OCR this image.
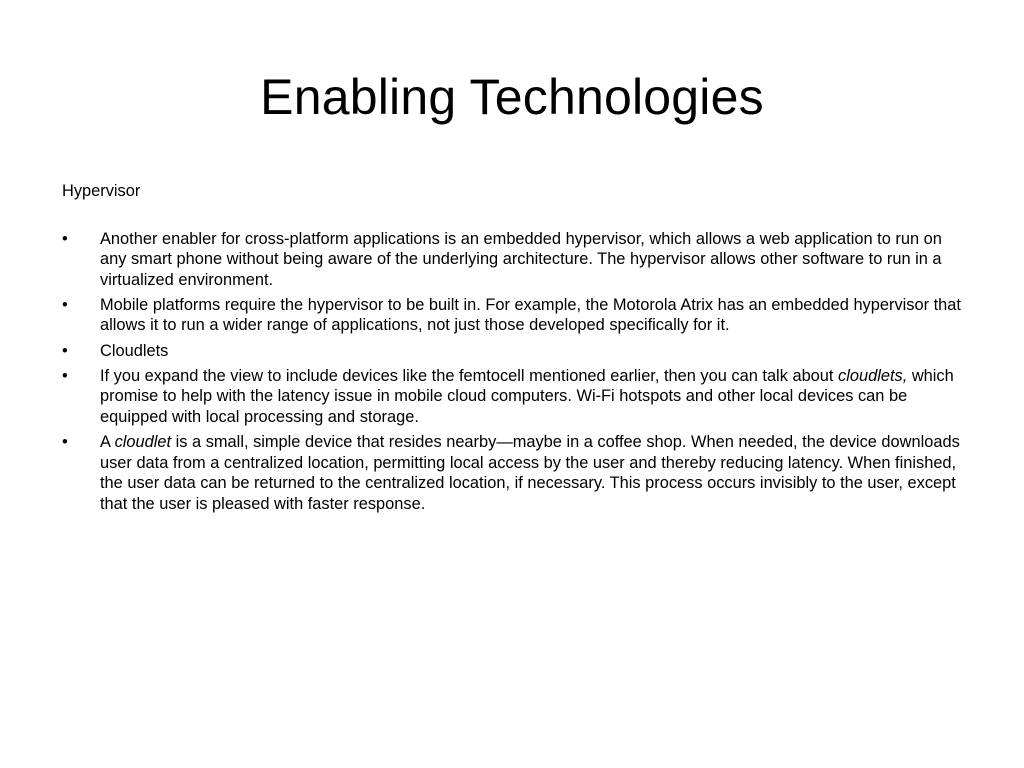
Enabling Technologies
Hypervisor
•	Another enabler for cross-platform applications is an embedded hypervisor, which allows a web application to run on any smart phone without being aware of the underlying architecture. The hypervisor allows other software to run in a virtualized environment.
•	Mobile platforms require the hypervisor to be built in. For example, the Motorola Atrix has an embedded hypervisor that allows it to run a wider range of applications, not just those developed specifically for it.
•	Cloudlets
•	If you expand the view to include devices like the femtocell mentioned earlier, then you can talk about cloudlets, which promise to help with the latency issue in mobile cloud computers. Wi-Fi hotspots and other local devices can be equipped with local processing and storage.
•	A cloudlet is a small, simple device that resides nearby—maybe in a coffee shop. When needed, the device downloads user data from a centralized location, permitting local access by the user and thereby reducing latency. When finished, the user data can be returned to the centralized location, if necessary. This process occurs invisibly to the user, except that the user is pleased with faster response.
